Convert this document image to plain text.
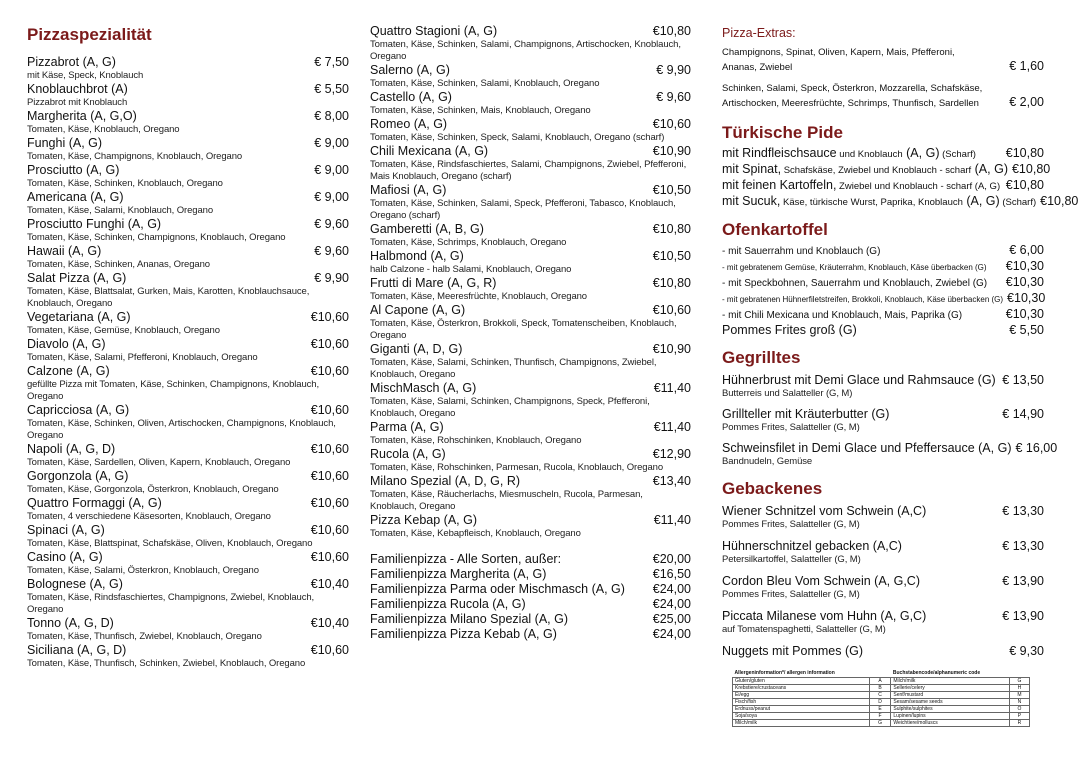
Pizzaspezialität
Pizzabrot (A, G)	€ 7,50
mit Käse, Speck, Knoblauch
Knoblauchbrot (A)	€ 5,50
Pizzabrot mit Knoblauch
Margherita (A, G,O)	€ 8,00
Tomaten, Käse, Knoblauch, Oregano
Funghi (A, G)	€ 9,00
Tomaten, Käse, Champignons, Knoblauch, Oregano
Prosciutto (A, G)	€ 9,00
Tomaten, Käse, Schinken, Knoblauch, Oregano
Americana (A, G)	€ 9,00
Tomaten, Käse, Salami, Knoblauch, Oregano
Prosciutto Funghi (A, G)	€ 9,60
Tomaten, Käse, Schinken, Champignons, Knoblauch, Oregano
Hawaii (A, G)	€ 9,60
Tomaten, Käse, Schinken, Ananas, Oregano
Salat Pizza (A, G)	€ 9,90
Tomaten, Käse, Blattsalat, Gurken, Mais, Karotten, Knoblauchsauce, Knoblauch, Oregano
Vegetariana (A, G)	€10,60
Tomaten, Käse, Gemüse, Knoblauch, Oregano
Diavolo (A, G)	€10,60
Tomaten, Käse, Salami, Pfefferoni, Knoblauch, Oregano
Calzone (A, G)	€10,60
gefüllte Pizza mit Tomaten, Käse, Schinken, Champignons, Knoblauch, Oregano
Capricciosa (A, G)	€10,60
Tomaten, Käse, Schinken, Oliven, Artischocken, Champignons, Knoblauch, Oregano
Napoli (A, G, D)	€10,60
Tomaten, Käse, Sardellen, Oliven, Kapern, Knoblauch, Oregano
Gorgonzola (A, G)	€10,60
Tomaten, Käse, Gorgonzola, Österkron, Knoblauch, Oregano
Quattro Formaggi (A, G)	€10,60
Tomaten, 4 verschiedene Käsesorten, Knoblauch, Oregano
Spinaci (A, G)	€10,60
Tomaten, Käse, Blattspinat, Schafskäse, Oliven, Knoblauch, Oregano
Casino (A, G)	€10,60
Tomaten, Käse, Salami, Österkron, Knoblauch, Oregano
Bolognese (A, G)	€10,40
Tomaten, Käse, Rindsfaschiertes, Champignons, Zwiebel, Knoblauch, Oregano
Tonno (A, G, D)	€10,40
Tomaten, Käse, Thunfisch, Zwiebel, Knoblauch, Oregano
Siciliana (A, G, D)	€10,60
Tomaten, Käse, Thunfisch, Schinken, Zwiebel, Knoblauch, Oregano
Quattro Stagioni (A, G)	€10,80
Tomaten, Käse, Schinken, Salami, Champignons, Artischocken, Knoblauch, Oregano
Salerno (A, G)	€ 9,90
Tomaten, Käse, Schinken, Salami, Knoblauch, Oregano
Castello (A, G)	€ 9,60
Tomaten, Käse, Schinken, Mais, Knoblauch, Oregano
Romeo (A, G)	€10,60
Tomaten, Käse, Schinken, Speck, Salami, Knoblauch, Oregano (scharf)
Chili Mexicana (A, G)	€10,90
Tomaten, Käse, Rindsfaschiertes, Salami, Champignons, Zwiebel, Pfefferoni, Mais Knoblauch, Oregano (scharf)
Mafiosi (A, G)	€10,50
Tomaten, Käse, Schinken, Salami, Speck, Pfefferoni, Tabasco, Knoblauch, Oregano (scharf)
Gamberetti (A, B, G)	€10,80
Tomaten, Käse, Schrimps, Knoblauch, Oregano
Halbmond (A, G)	€10,50
halb Calzone - halb Salami, Knoblauch, Oregano
Frutti di Mare (A, G, R)	€10,80
Tomaten, Käse, Meeresfrüchte, Knoblauch, Oregano
Al Capone (A, G)	€10,60
Tomaten, Käse, Österkron, Brokkoli, Speck, Tomatenscheiben, Knoblauch, Oregano
Giganti (A, D, G)	€10,90
Tomaten, Käse, Salami, Schinken, Thunfisch, Champignons, Zwiebel, Knoblauch, Oregano
MischMasch (A, G)	€11,40
Tomaten, Käse, Salami, Schinken, Champignons, Speck, Pfefferoni, Knoblauch, Oregano
Parma (A, G)	€11,40
Tomaten, Käse, Rohschinken, Knoblauch, Oregano
Rucola (A, G)	€12,90
Tomaten, Käse, Rohschinken, Parmesan, Rucola, Knoblauch, Oregano
Milano Spezial (A, D, G, R)	€13,40
Tomaten, Käse, Räucherlachs, Miesmuscheln, Rucola, Parmesan, Knoblauch, Oregano
Pizza Kebap (A, G)	€11,40
Tomaten, Käse, Kebapfleisch, Knoblauch, Oregano
Familienpizza - Alle Sorten, außer:	€20,00
Familienpizza Margherita (A, G)	€16,50
Familienpizza Parma oder Mischmasch (A, G)	€24,00
Familienpizza Rucola (A, G)	€24,00
Familienpizza Milano Spezial (A, G)	€25,00
Familienpizza Pizza Kebab (A, G)	€24,00
Pizza-Extras:
Champignons, Spinat, Oliven, Kapern, Mais, Pfefferoni,
Ananas, Zwiebel	€ 1,60
Schinken, Salami, Speck, Österkron, Mozzarella, Schafskäse,
Artischocken, Meeresfrüchte, Schrimps, Thunfisch, Sardellen € 2,00
Türkische Pide
mit Rindfleischsauce und Knoblauch (A, G) (Scharf)	€10,80
mit Spinat, Schafskäse, Zwiebel und Knoblauch - scharf (A, G) €10,80
mit feinen Kartoffeln, Zwiebel und Knoblauch - scharf (A, G) €10,80
mit Sucuk, Käse, türkische Wurst, Paprika, Knoblauch (A, G) (Scharf) €10,80
Ofenkartoffel
- mit Sauerrahm und Knoblauch (G)	€ 6,00
- mit gebratenem Gemüse, Kräuterrahm, Knoblauch, Käse überbacken (G)	€10,30
- mit Speckbohnen, Sauerrahm und Knoblauch, Zwiebel (G)	€10,30
- mit gebratenen Hühnerfiletstreifen, Brokkoli, Knoblauch, Käse überbacken (G) €10,30
- mit Chili Mexicana und Knoblauch, Mais, Paprika (G)	€10,30
Pommes Frites groß (G)	€ 5,50
Gegrilltes
Hühnerbrust mit Demi Glace und Rahmsauce (G) € 13,50
Butterreis und Salatteller (G, M)
Grillteller mit Kräuterbutter (G)	€ 14,90
Pommes Frites, Salatteller (G, M)
Schweinsfilet in Demi Glace und Pfeffersauce (A, G) € 16,00
Bandnudeln, Gemüse
Gebackenes
Wiener Schnitzel vom Schwein (A,C)	€ 13,30
Pommes Frites, Salatteller (G, M)
Hühnerschnitzel gebacken (A,C)	€ 13,30
Petersilkartoffel, Salatteller (G, M)
Cordon Bleu Vom Schwein (A, G,C)	€ 13,90
Pommes Frites, Salatteller (G, M)
Piccata Milanese vom Huhn (A, G,C)	€ 13,90
auf Tomatenspaghetti, Salatteller (G, M)
Nuggets mit Pommes (G)	€ 9,30
Allergeninformation*/ allergen information		Buchstabencode/alphanumeric code	
Gluten/gluten	A	Milch/milk	G
Krebstiere/crustaceans	B	Sellerie/celery	H
Ei/egg	C	Senf/mustard	M
Fisch/fish	D	Sesam/sesame seeds	N
Erdnuss/peanut	E	Sulphite/sulphites	O
Soja/soya	F	Lupinen/lupins	P
Milch/milk	G	Weichtiere/molluscs	R
